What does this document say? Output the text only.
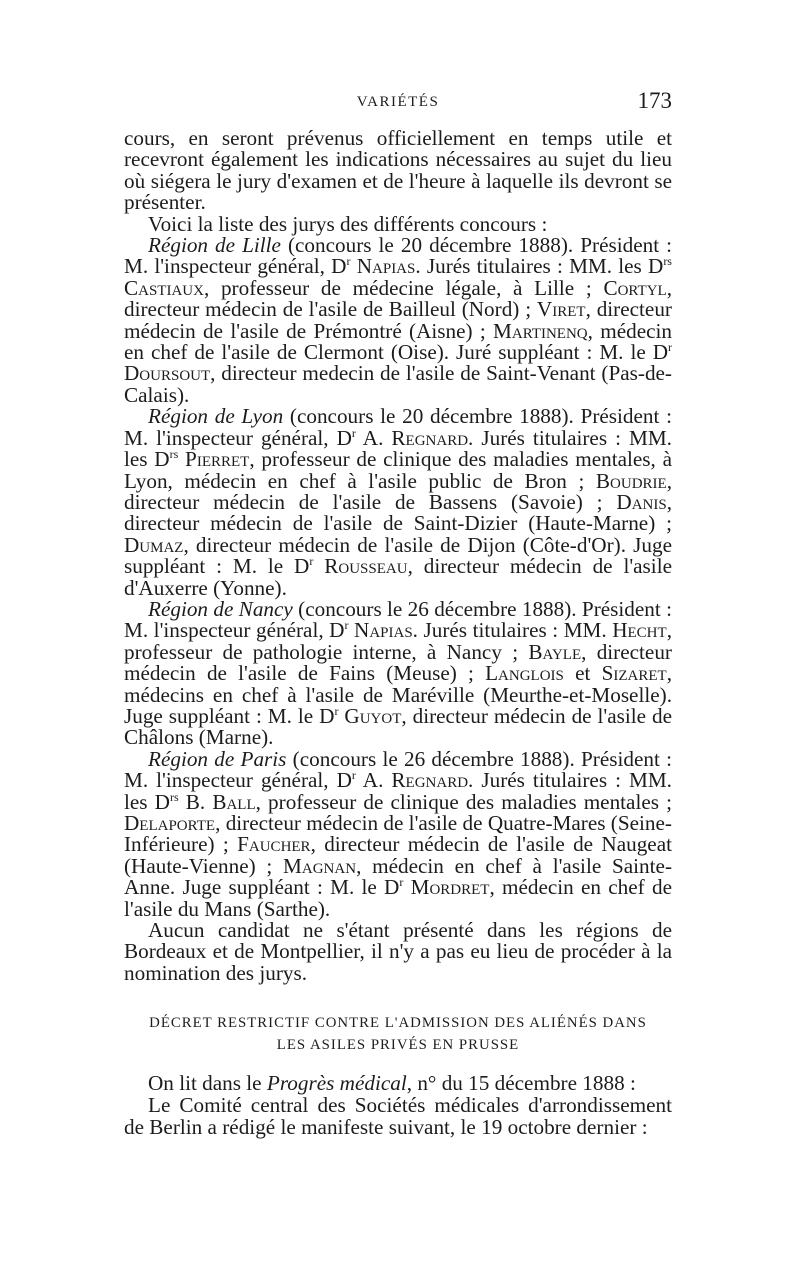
VARIÉTÉS	173

cours, en seront prévenus officiellement en temps utile et recevront également les indications nécessaires au sujet du lieu où siégera le jury d'examen et de l'heure à laquelle ils devront se présenter.

Voici la liste des jurys des différents concours :

Région de Lille (concours le 20 décembre 1888). Président : M. l'inspecteur général, $D^r$ Napias. Jurés titulaires : MM. les $D^{rs}$ Castiaux, professeur de médecine légale, à Lille ; Cortyl, directeur médecin de l'asile de Bailleul (Nord) ; Viret, directeur médecin de l'asile de Prémontré (Aisne) ; Martinenq, médecin en chef de l'asile de Clermont (Oise). Juré suppléant : M. le $D^r$ Doursout, directeur medecin de l'asile de Saint-Venant (Pas-de-Calais).

Région de Lyon (concours le 20 décembre 1888). Président : M. l'inspecteur général, $D^r$ A. Regnard. Jurés titulaires : MM. les $D^{rs}$ Pierret, professeur de clinique des maladies mentales, à Lyon, médecin en chef à l'asile public de Bron ; Boudrie, directeur médecin de l'asile de Bassens (Savoie) ; Danis, directeur médecin de l'asile de Saint-Dizier (Haute-Marne) ; Dumaz, directeur médecin de l'asile de Dijon (Côte-d'Or). Juge suppléant : M. le $D^r$ Rousseau, directeur médecin de l'asile d'Auxerre (Yonne).

Région de Nancy (concours le 26 décembre 1888). Président : M. l'inspecteur général, $D^r$ Napias. Jurés titulaires : MM. Hecht, professeur de pathologie interne, à Nancy ; Bayle, directeur médecin de l'asile de Fains (Meuse) ; Langlois et Sizaret, médecins en chef à l'asile de Maréville (Meurthe-et-Moselle). Juge suppléant : M. le $D^r$ Guyot, directeur médecin de l'asile de Châlons (Marne).

Région de Paris (concours le 26 décembre 1888). Président : M. l'inspecteur général, $D^r$ A. Regnard. Jurés titulaires : MM. les $D^{rs}$ B. Ball, professeur de clinique des maladies mentales ; Delaporte, directeur médecin de l'asile de Quatre-Mares (Seine-Inférieure) ; Faucher, directeur médecin de l'asile de Naugeat (Haute-Vienne) ; Magnan, médecin en chef à l'asile Sainte-Anne. Juge suppléant : M. le $D^r$ Mordret, médecin en chef de l'asile du Mans (Sarthe).

Aucun candidat ne s'étant présenté dans les régions de Bordeaux et de Montpellier, il n'y a pas eu lieu de procéder à la nomination des jurys.

DÉCRET RESTRICTIF CONTRE L'ADMISSION DES ALIÉNÉS DANS
LES ASILES PRIVÉS EN PRUSSE

On lit dans le Progrès médical, n° du 15 décembre 1888 :

Le Comité central des Sociétés médicales d'arrondissement de Berlin a rédigé le manifeste suivant, le 19 octobre dernier :
